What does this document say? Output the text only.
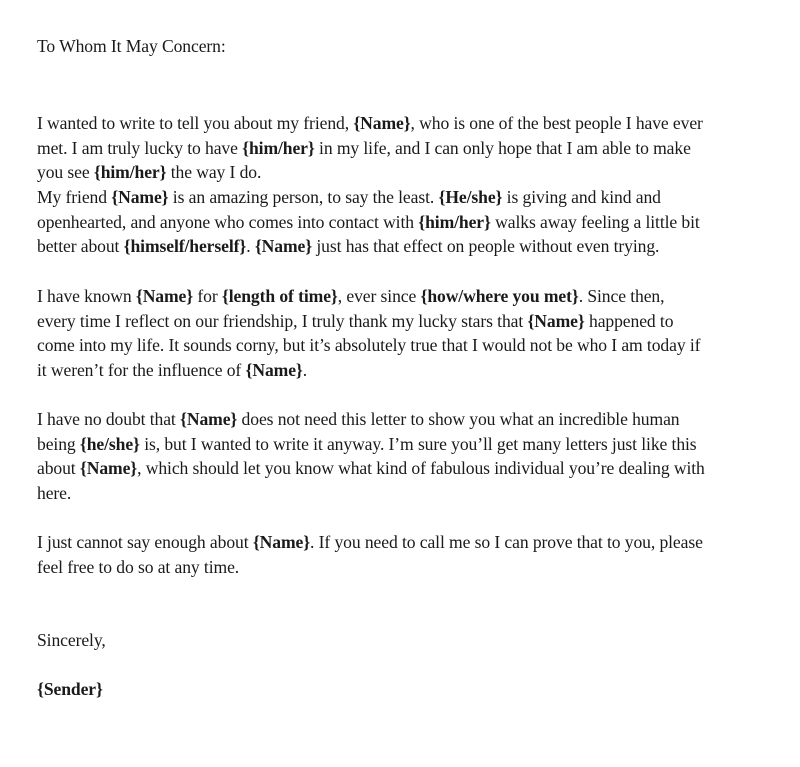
To Whom It May Concern:
I wanted to write to tell you about my friend, {Name}, who is one of the best people I have ever
met. I am truly lucky to have {him/her} in my life, and I can only hope that I am able to make
you see {him/her} the way I do.
My friend {Name} is an amazing person, to say the least. {He/she} is giving and kind and
openhearted, and anyone who comes into contact with {him/her} walks away feeling a little bit
better about {himself/herself}. {Name} just has that effect on people without even trying.
I have known {Name} for {length of time}, ever since {how/where you met}. Since then,
every time I reflect on our friendship, I truly thank my lucky stars that {Name} happened to
come into my life. It sounds corny, but it’s absolutely true that I would not be who I am today if
it weren’t for the influence of {Name}.
I have no doubt that {Name} does not need this letter to show you what an incredible human
being {he/she} is, but I wanted to write it anyway. I’m sure you’ll get many letters just like this
about {Name}, which should let you know what kind of fabulous individual you’re dealing with
here.
I just cannot say enough about {Name}. If you need to call me so I can prove that to you, please
feel free to do so at any time.
Sincerely,
{Sender}
